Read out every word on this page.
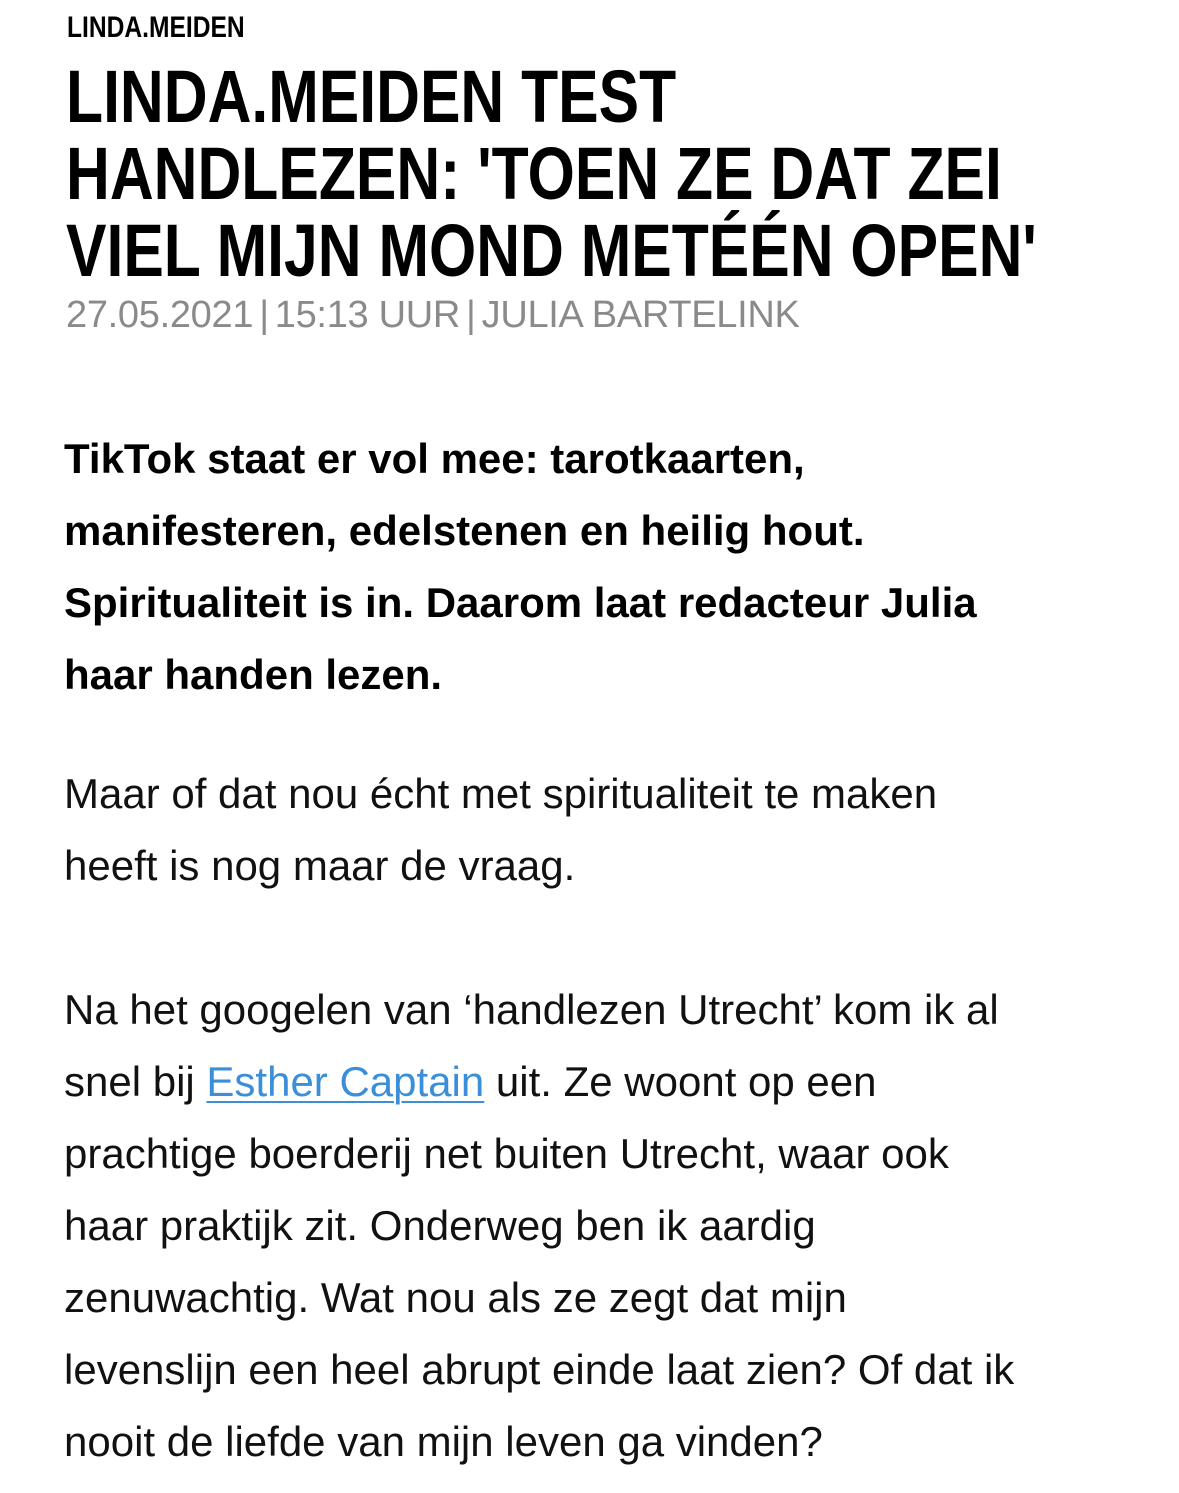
LINDA.MEIDEN
LINDA.MEIDEN TEST
HANDLEZEN: 'TOEN ZE DAT ZEI
VIEL MIJN MOND METÉÉN OPEN'
27.05.2021 | 15:13 UUR | JULIA BARTELINK

TikTok staat er vol mee: tarotkaarten,
manifesteren, edelstenen en heilig hout.
Spiritualiteit is in. Daarom laat redacteur Julia
haar handen lezen.

Maar of dat nou écht met spiritualiteit te maken
heeft is nog maar de vraag.

Na het googelen van ‘handlezen Utrecht’ kom ik al
snel bij Esther Captain uit. Ze woont op een
prachtige boerderij net buiten Utrecht, waar ook
haar praktijk zit. Onderweg ben ik aardig
zenuwachtig. Wat nou als ze zegt dat mijn
levenslijn een heel abrupt einde laat zien? Of dat ik
nooit de liefde van mijn leven ga vinden?
